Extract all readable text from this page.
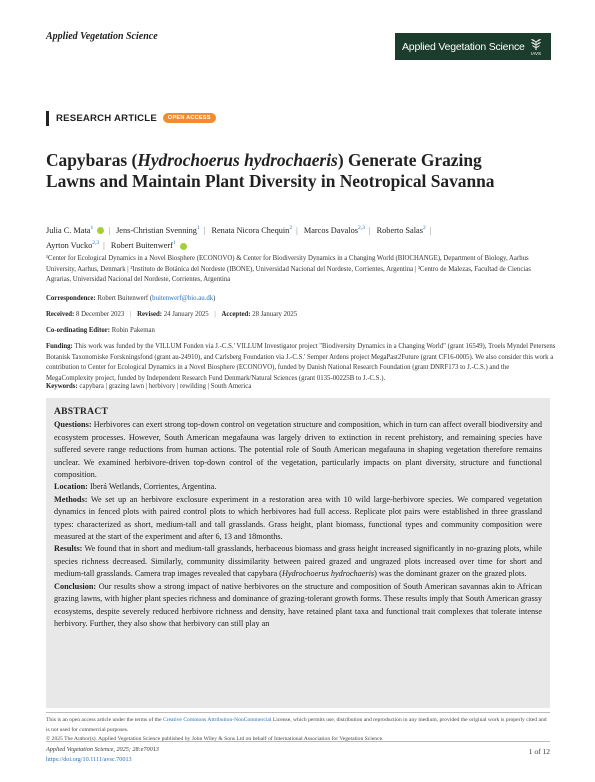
Applied Vegetation Science
Applied Vegetation Science
IAVS
RESEARCH ARTICLE	OPEN ACCESS
Capybaras (Hydrochoerus hydrochaeris) Generate Grazing Lawns and Maintain Plant Diversity in Neotropical Savanna
Julia C. Mata$^1$ | Jens-Christian Svenning$^1$ | Renata Nicora Chequin$^2$ | Marcos Davalos$^{2,3}$ | Roberto Salas$^2$ |
Ayrton Vucko$^{2,3}$ | Robert Buitenwerf$^1$
¹Center for Ecological Dynamics in a Novel Biosphere (ECONOVO) & Center for Biodiversity Dynamics in a Changing World (BIOCHANGE), Department of Biology, Aarhus University, Aarhus, Denmark | ²Instituto de Botánica del Nordeste (IBONE), Universidad Nacional del Nordeste, Corrientes, Argentina | ³Centro de Malezas, Facultad de Ciencias Agrarias, Universidad Nacional del Nordeste, Corrientes, Argentina
Correspondence: Robert Buitenwerf (buitenwerf@bio.au.dk)
Received: 8 December 2023 | Revised: 24 January 2025 | Accepted: 28 January 2025
Co-ordinating Editor: Robin Pakeman
Funding: This work was funded by the VILLUM Fonden via J.-C.S.' VILLUM Investigator project "Biodiversity Dynamics in a Changing World" (grant 16549), Troels Myndel Petersens Botanisk Taxonomiske Forskningsfond (grant au-24910), and Carlsberg Foundation via J.-C.S.' Semper Ardens project MegaPast2Future (grant CF16-0005). We also consider this work a contribution to Center for Ecological Dynamics in a Novel Biosphere (ECONOVO), funded by Danish National Research Foundation (grant DNRF173 to J.-C.S.) and the MegaComplexity project, funded by Independent Research Fund Denmark/Natural Sciences (grant 0135-00225B to J.-C.S.).
Keywords: capybara | grazing lawn | herbivory | rewilding | South America
ABSTRACT

Questions: Herbivores can exert strong top-down control on vegetation structure and composition, which in turn can affect overall biodiversity and ecosystem processes. However, South American megafauna was largely driven to extinction in recent prehistory, and remaining species have suffered severe range reductions from human actions. The potential role of South American megafauna in shaping vegetation therefore remains unclear. We examined herbivore-driven top-down control of the vegetation, particularly impacts on plant diversity, structure and functional composition.

Location: Iberá Wetlands, Corrientes, Argentina.

Methods: We set up an herbivore exclosure experiment in a restoration area with 10 wild large-herbivore species. We compared vegetation dynamics in fenced plots with paired control plots to which herbivores had full access. Replicate plot pairs were established in three grassland types: characterized as short, medium-tall and tall grasslands. Grass height, plant biomass, functional types and community composition were measured at the start of the experiment and after 6, 13 and 18months.

Results: We found that in short and medium-tall grasslands, herbaceous biomass and grass height increased significantly in no-grazing plots, while species richness decreased. Similarly, community dissimilarity between paired grazed and ungrazed plots increased over time for short and medium-tall grasslands. Camera trap images revealed that capybara (Hydrochoerus hydrochaeris) was the dominant grazer on the grazed plots.

Conclusion: Our results show a strong impact of native herbivores on the structure and composition of South American savannas akin to African grazing lawns, with higher plant species richness and dominance of grazing-tolerant growth forms. These results imply that South American grassy ecosystems, despite severely reduced herbivore richness and density, have retained plant taxa and functional trait complexes that tolerate intense herbivory. Further, they also show that herbivory can still play an

This is an open access article under the terms of the Creative Commons Attribution-NonCommercial License, which permits use, distribution and reproduction in any medium, provided the original work is properly cited and is not used for commercial purposes.
© 2025 The Author(s). Applied Vegetation Science published by John Wiley & Sons Ltd on behalf of International Association for Vegetation Science.
Applied Vegetation Science, 2025; 28:e70013
https://doi.org/10.1111/avsc.70013
1 of 12
